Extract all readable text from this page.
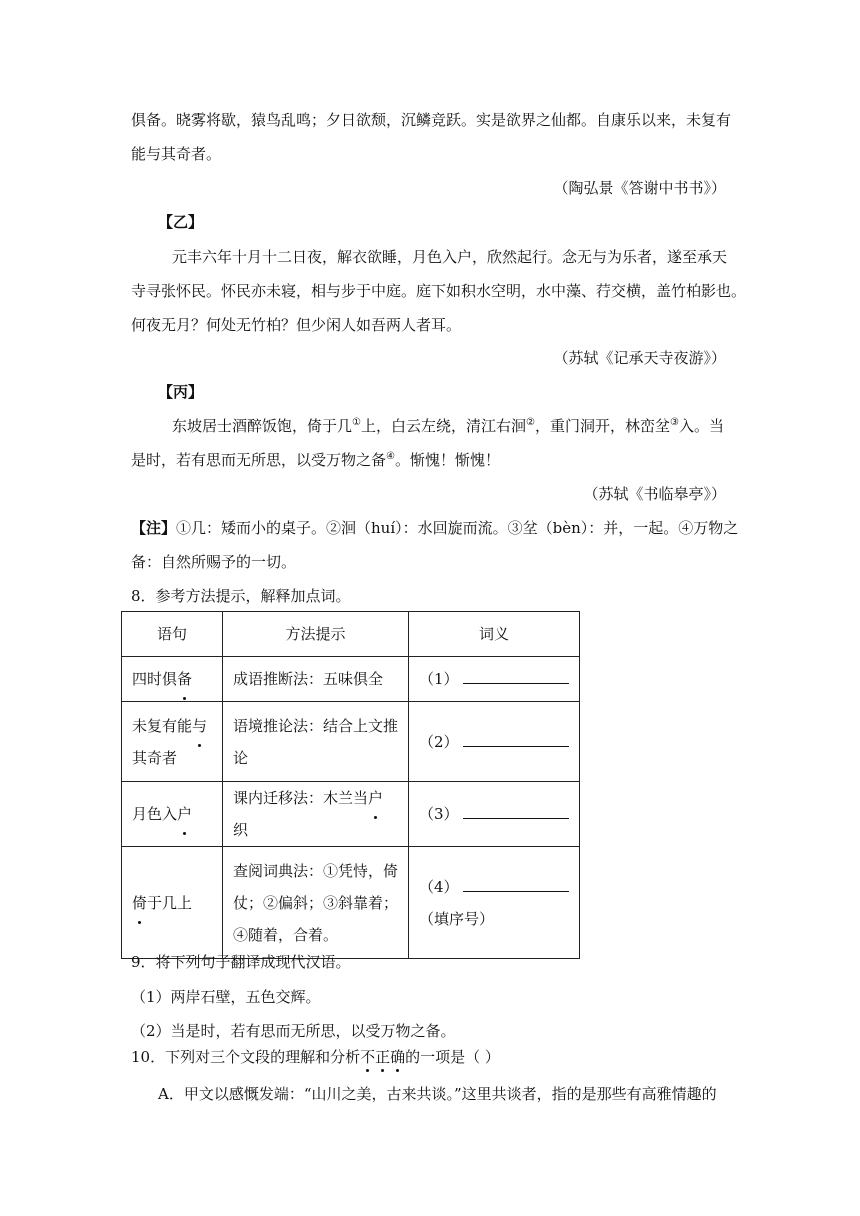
俱备。晓雾将歇，猿鸟乱鸣；夕日欲颓，沉鳞竞跃。实是欲界之仙都。自康乐以来，未复有
能与其奇者。
（陶弘景《答谢中书书》）
【乙】
元丰六年十月十二日夜，解衣欲睡，月色入户，欣然起行。念无与为乐者，遂至承天
寺寻张怀民。怀民亦未寝，相与步于中庭。庭下如积水空明，水中藻、荇交横，盖竹柏影也。
何夜无月？何处无竹柏？但少闲人如吾两人者耳。
（苏轼《记承天寺夜游》）
【丙】
东坡居士酒醉饭饱，倚于几①上，白云左绕，清江右洄②，重门洞开，林峦坌③入。当
是时，若有思而无所思，以受万物之备④。惭愧！惭愧！
（苏轼《书临皋亭》）
【注】①几：矮而小的桌子。②洄（huí）：水回旋而流。③坌（bèn）：并，一起。④万物之
备：自然所赐予的一切。
8．参考方法提示，解释加点词。
语句	方法提示	词义
四时俱备	成语推断法：五味俱全	（1）
未复有能与其奇者	语境推论法：结合上文推论	（2）
月色入户	课内迁移法：木兰当户织	（3）
倚于几上	查阅词典法：①凭恃，倚仗；②偏斜；③斜靠着；④随着，合着。	（4）
（填序号）
9．将下列句子翻译成现代汉语。
（1）两岸石壁，五色交辉。
（2）当是时，若有思而无所思，以受万物之备。
10．下列对三个文段的理解和分析不正确的一项是（ ）
A．甲文以感慨发端：“山川之美，古来共谈。”这里共谈者，指的是那些有高雅情趣的
